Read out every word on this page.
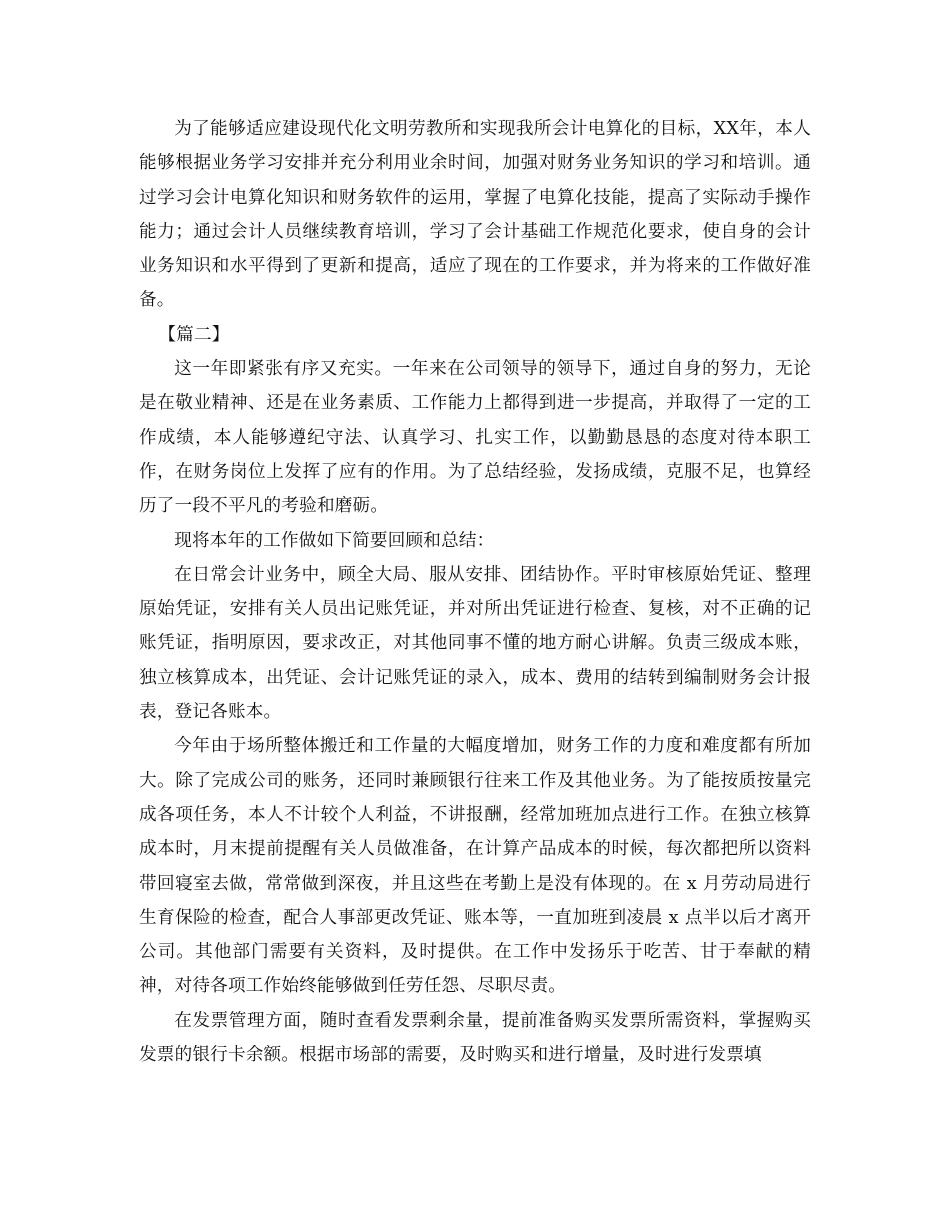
为了能够适应建设现代化文明劳教所和实现我所会计电算化的目标，XX年，本人能够根据业务学习安排并充分利用业余时间，加强对财务业务知识的学习和培训。通过学习会计电算化知识和财务软件的运用，掌握了电算化技能，提高了实际动手操作能力；通过会计人员继续教育培训，学习了会计基础工作规范化要求，使自身的会计业务知识和水平得到了更新和提高，适应了现在的工作要求，并为将来的工作做好准备。

【篇二】

这一年即紧张有序又充实。一年来在公司领导的领导下，通过自身的努力，无论是在敬业精神、还是在业务素质、工作能力上都得到进一步提高，并取得了一定的工作成绩，本人能够遵纪守法、认真学习、扎实工作，以勤勤恳恳的态度对待本职工作，在财务岗位上发挥了应有的作用。为了总结经验，发扬成绩，克服不足，也算经历了一段不平凡的考验和磨砺。

现将本年的工作做如下简要回顾和总结：

在日常会计业务中，顾全大局、服从安排、团结协作。平时审核原始凭证、整理原始凭证，安排有关人员出记账凭证，并对所出凭证进行检查、复核，对不正确的记账凭证，指明原因，要求改正，对其他同事不懂的地方耐心讲解。负责三级成本账，独立核算成本，出凭证、会计记账凭证的录入，成本、费用的结转到编制财务会计报表，登记各账本。

今年由于场所整体搬迁和工作量的大幅度增加，财务工作的力度和难度都有所加大。除了完成公司的账务，还同时兼顾银行往来工作及其他业务。为了能按质按量完成各项任务，本人不计较个人利益，不讲报酬，经常加班加点进行工作。在独立核算成本时，月末提前提醒有关人员做准备，在计算产品成本的时候，每次都把所以资料带回寝室去做，常常做到深夜，并且这些在考勤上是没有体现的。在 x 月劳动局进行生育保险的检查，配合人事部更改凭证、账本等，一直加班到凌晨 x 点半以后才离开公司。其他部门需要有关资料，及时提供。在工作中发扬乐于吃苦、甘于奉献的精神，对待各项工作始终能够做到任劳任怨、尽职尽责。

在发票管理方面，随时查看发票剩余量，提前准备购买发票所需资料，掌握购买发票的银行卡余额。根据市场部的需要，及时购买和进行增量，及时进行发票填
